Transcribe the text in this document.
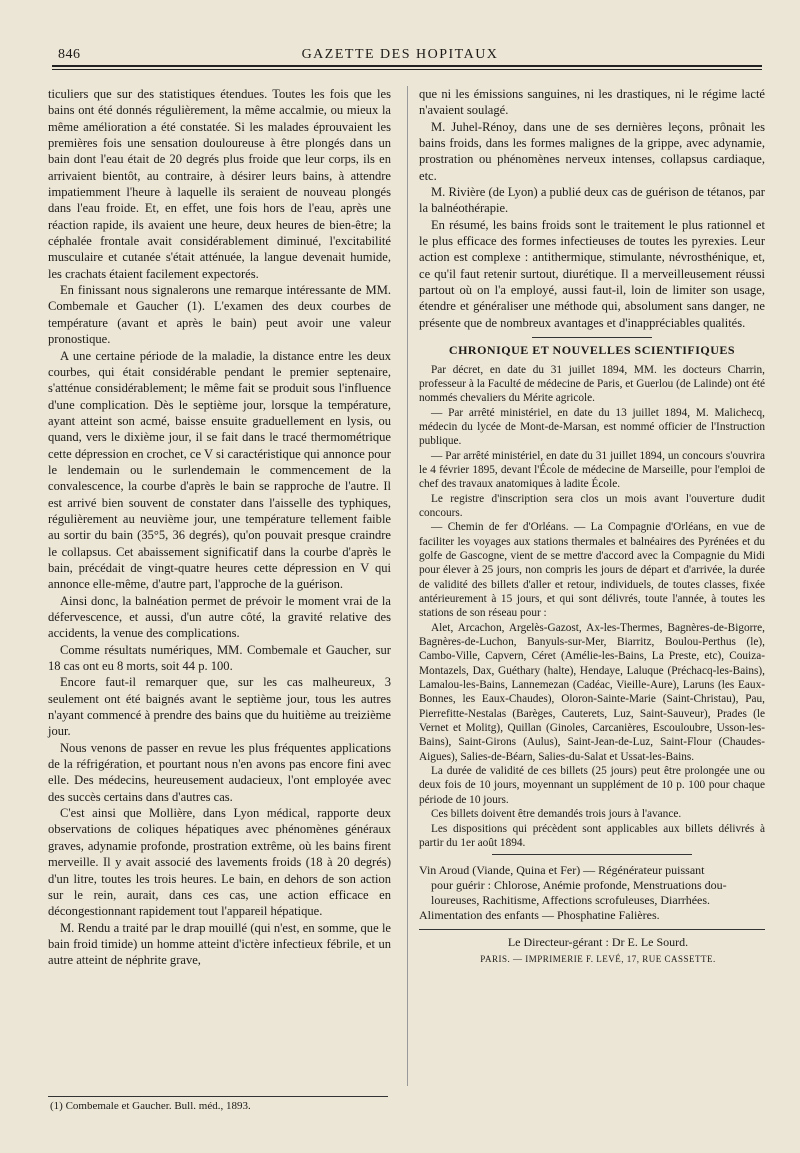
846	GAZETTE DES HOPITAUX

ticuliers que sur des statistiques étendues. Toutes les fois que les bains ont été donnés régulièrement, la même accalmie, ou mieux la même amélioration a été constatée. Si les malades éprouvaient les premières fois une sensation douloureuse à être plongés dans un bain dont l'eau était de 20 degrés plus froide que leur corps, ils en arrivaient bientôt, au contraire, à désirer leurs bains, à attendre impatiemment l'heure à laquelle ils seraient de nouveau plongés dans l'eau froide. Et, en effet, une fois hors de l'eau, après une réaction rapide, ils avaient une heure, deux heures de bien-être; la céphalée frontale avait considérablement diminué, l'excitabilité musculaire et cutanée s'était atténuée, la langue devenait humide, les crachats étaient facilement expectorés.

En finissant nous signalerons une remarque intéressante de MM. Combemale et Gaucher (1). L'examen des deux courbes de température (avant et après le bain) peut avoir une valeur pronostique.

A une certaine période de la maladie, la distance entre les deux courbes, qui était considérable pendant le premier septenaire, s'atténue considérablement; le même fait se produit sous l'influence d'une complication. Dès le septième jour, lorsque la température, ayant atteint son acmé, baisse ensuite graduellement en lysis, ou quand, vers le dixième jour, il se fait dans le tracé thermométrique cette dépression en crochet, ce V si caractéristique qui annonce pour le lendemain ou le surlendemain le commencement de la convalescence, la courbe d'après le bain se rapproche de l'autre. Il est arrivé bien souvent de constater dans l'aisselle des typhiques, régulièrement au neuvième jour, une température tellement faible au sortir du bain (35°5, 36 degrés), qu'on pouvait presque craindre le collapsus. Cet abaissement significatif dans la courbe d'après le bain, précédait de vingt-quatre heures cette dépression en V qui annonce elle-même, d'autre part, l'approche de la guérison.

Ainsi donc, la balnéation permet de prévoir le moment vrai de la défervescence, et aussi, d'un autre côté, la gravité relative des accidents, la venue des complications.

Comme résultats numériques, MM. Combemale et Gaucher, sur 18 cas ont eu 8 morts, soit 44 p. 100.

Encore faut-il remarquer que, sur les cas malheureux, 3 seulement ont été baignés avant le septième jour, tous les autres n'ayant commencé à prendre des bains que du huitième au treizième jour.

Nous venons de passer en revue les plus fréquentes applications de la réfrigération, et pourtant nous n'en avons pas encore fini avec elle. Des médecins, heureusement audacieux, l'ont employée avec des succès certains dans d'autres cas.

C'est ainsi que Mollière, dans Lyon médical, rapporte deux observations de coliques hépatiques avec phénomènes généraux graves, adynamie profonde, prostration extrême, où les bains firent merveille. Il y avait associé des lavements froids (18 à 20 degrés) d'un litre, toutes les trois heures. Le bain, en dehors de son action sur le rein, aurait, dans ces cas, une action efficace en décongestionnant rapidement tout l'appareil hépatique.

M. Rendu a traité par le drap mouillé (qui n'est, en somme, que le bain froid timide) un homme atteint d'ictère infectieux fébrile, et un autre atteint de néphrite grave,

que ni les émissions sanguines, ni les drastiques, ni le régime lacté n'avaient soulagé.

M. Juhel-Rénoy, dans une de ses dernières leçons, prônait les bains froids, dans les formes malignes de la grippe, avec adynamie, prostration ou phénomènes nerveux intenses, collapsus cardiaque, etc.

M. Rivière (de Lyon) a publié deux cas de guérison de tétanos, par la balnéothérapie.

En résumé, les bains froids sont le traitement le plus rationnel et le plus efficace des formes infectieuses de toutes les pyrexies. Leur action est complexe : antithermique, stimulante, névrosthénique, et, ce qu'il faut retenir surtout, diurétique. Il a merveilleusement réussi partout où on l'a employé, aussi faut-il, loin de limiter son usage, étendre et généraliser une méthode qui, absolument sans danger, ne présente que de nombreux avantages et d'inappréciables qualités.

CHRONIQUE ET NOUVELLES SCIENTIFIQUES

Par décret, en date du 31 juillet 1894, MM. les docteurs Charrin, professeur à la Faculté de médecine de Paris, et Guerlou (de Lalinde) ont été nommés chevaliers du Mérite agricole.

— Par arrêté ministériel, en date du 13 juillet 1894, M. Malichecq, médecin du lycée de Mont-de-Marsan, est nommé officier de l'Instruction publique.

— Par arrêté ministériel, en date du 31 juillet 1894, un concours s'ouvrira le 4 février 1895, devant l'École de médecine de Marseille, pour l'emploi de chef des travaux anatomiques à ladite École.

Le registre d'inscription sera clos un mois avant l'ouverture dudit concours.

— Chemin de fer d'Orléans. — La Compagnie d'Orléans, en vue de faciliter les voyages aux stations thermales et balnéaires des Pyrénées et du golfe de Gascogne, vient de se mettre d'accord avec la Compagnie du Midi pour élever à 25 jours, non compris les jours de départ et d'arrivée, la durée de validité des billets d'aller et retour, individuels, de toutes classes, fixée antérieurement à 15 jours, et qui sont délivrés, toute l'année, à toutes les stations de son réseau pour :

Alet, Arcachon, Argelès-Gazost, Ax-les-Thermes, Bagnères-de-Bigorre, Bagnères-de-Luchon, Banyuls-sur-Mer, Biarritz, Boulou-Perthus (le), Cambo-Ville, Capvern, Céret (Amélie-les-Bains, La Preste, etc), Couiza-Montazels, Dax, Guéthary (halte), Hendaye, Laluque (Préchacq-les-Bains), Lamalou-les-Bains, Lannemezan (Cadéac, Vieille-Aure), Laruns (les Eaux-Bonnes, les Eaux-Chaudes), Oloron-Sainte-Marie (Saint-Christau), Pau, Pierrefitte-Nestalas (Barèges, Cauterets, Luz, Saint-Sauveur), Prades (le Vernet et Molitg), Quillan (Ginoles, Carcanières, Escouloubre, Usson-les-Bains), Saint-Girons (Aulus), Saint-Jean-de-Luz, Saint-Flour (Chaudes-Aigues), Salies-de-Béarn, Salies-du-Salat et Ussat-les-Bains.

La durée de validité de ces billets (25 jours) peut être prolongée une ou deux fois de 10 jours, moyennant un supplément de 10 p. 100 pour chaque période de 10 jours.

Ces billets doivent être demandés trois jours à l'avance.

Les dispositions qui précèdent sont applicables aux billets délivrés à partir du 1er août 1894.

Vin Aroud (Viande, Quina et Fer) — Régénérateur puissant

pour guérir : Chlorose, Anémie profonde, Menstruations dou-

loureuses, Rachitisme, Affections scrofuleuses, Diarrhées.

Alimentation des enfants — Phosphatine Falières.

Le Directeur-gérant : Dr E. Le Sourd.

PARIS. — IMPRIMERIE F. LEVÉ, 17, RUE CASSETTE.

(1) Combemale et Gaucher. Bull. méd., 1893.
